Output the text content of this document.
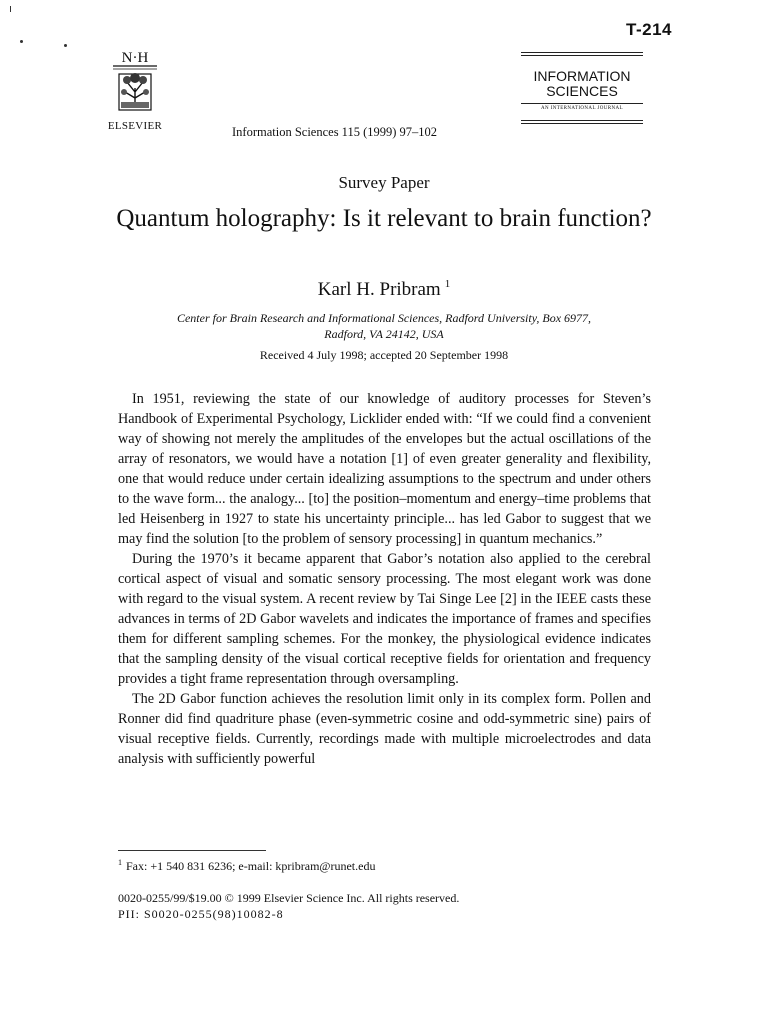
T-214
N·H
ELSEVIER	Information Sciences 115 (1999) 97–102
INFORMATION
SCIENCES
AN INTERNATIONAL JOURNAL
Survey Paper
Quantum holography: Is it relevant to brain function?
Karl H. Pribram $^1$
Center for Brain Research and Informational Sciences, Radford University, Box 6977,
Radford, VA 24142, USA
Received 4 July 1998; accepted 20 September 1998

In 1951, reviewing the state of our knowledge of auditory processes for Steven’s Handbook of Experimental Psychology, Licklider ended with: “If we could find a convenient way of showing not merely the amplitudes of the envelopes but the actual oscillations of the array of resonators, we would have a notation [1] of even greater generality and flexibility, one that would reduce under certain idealizing assumptions to the spectrum and under others to the wave form... the analogy... [to] the position–momentum and energy–time problems that led Heisenberg in 1927 to state his uncertainty principle... has led Gabor to suggest that we may find the solution [to the problem of sensory processing] in quantum mechanics.”

During the 1970’s it became apparent that Gabor’s notation also applied to the cerebral cortical aspect of visual and somatic sensory processing. The most elegant work was done with regard to the visual system. A recent review by Tai Singe Lee [2] in the IEEE casts these advances in terms of 2D Gabor wavelets and indicates the importance of frames and specifies them for different sampling schemes. For the monkey, the physiological evidence indicates that the sampling density of the visual cortical receptive fields for orientation and frequency provides a tight frame representation through oversampling.

The 2D Gabor function achieves the resolution limit only in its complex form. Pollen and Ronner did find quadriture phase (even-symmetric cosine and odd-symmetric sine) pairs of visual receptive fields. Currently, recordings made with multiple microelectrodes and data analysis with sufficiently powerful

$^1$ Fax: +1 540 831 6236; e-mail: kpribram@runet.edu
0020-0255/99/$19.00 © 1999 Elsevier Science Inc. All rights reserved.
PII: S0020-0255(98)10082-8
